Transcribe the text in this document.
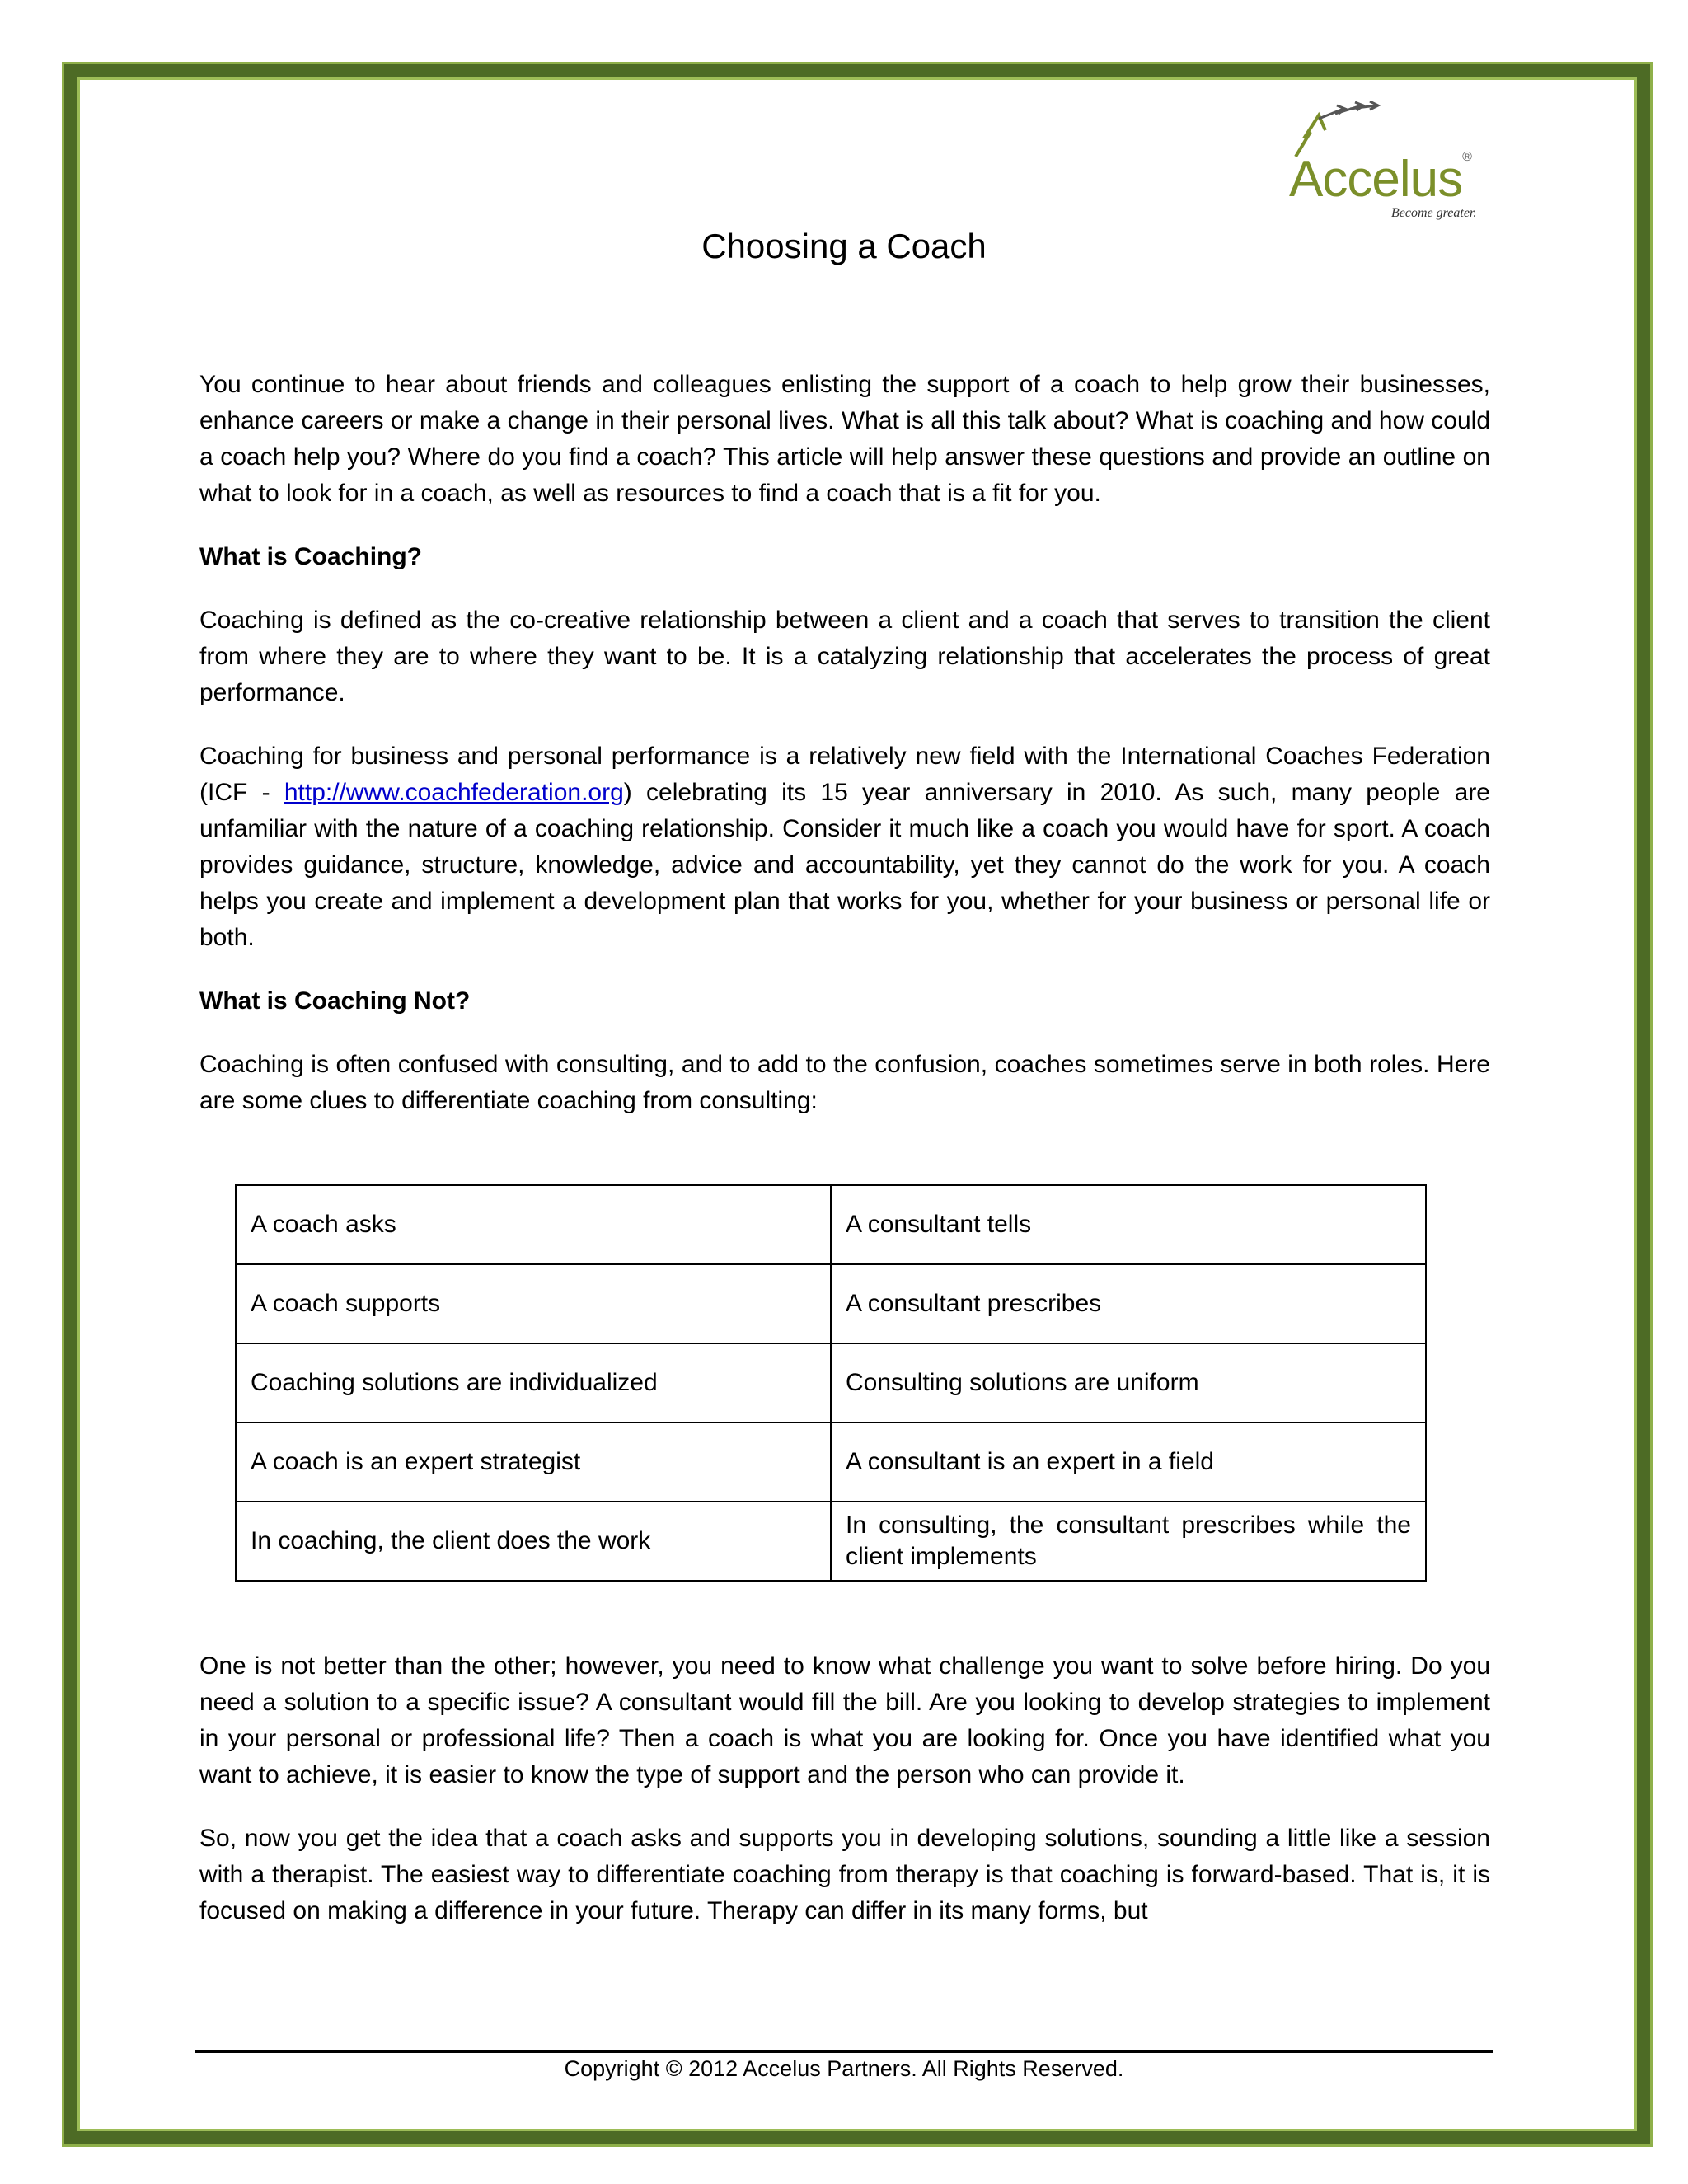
Accelus®
Become greater.
Choosing a Coach

You continue to hear about friends and colleagues enlisting the support of a coach to help grow their businesses, enhance careers or make a change in their personal lives. What is all this talk about? What is coaching and how could a coach help you? Where do you find a coach? This article will help answer these questions and provide an outline on what to look for in a coach, as well as resources to find a coach that is a fit for you.

What is Coaching?

Coaching is defined as the co-creative relationship between a client and a coach that serves to transition the client from where they are to where they want to be. It is a catalyzing relationship that accelerates the process of great performance.

Coaching for business and personal performance is a relatively new field with the International Coaches Federation (ICF - http://www.coachfederation.org) celebrating its 15 year anniversary in 2010. As such, many people are unfamiliar with the nature of a coaching relationship. Consider it much like a coach you would have for sport. A coach provides guidance, structure, knowledge, advice and accountability, yet they cannot do the work for you. A coach helps you create and implement a development plan that works for you, whether for your business or personal life or both.

What is Coaching Not?

Coaching is often confused with consulting, and to add to the confusion, coaches sometimes serve in both roles. Here are some clues to differentiate coaching from consulting:

A coach asks	A consultant tells
A coach supports	A consultant prescribes
Coaching solutions are individualized	Consulting solutions are uniform
A coach is an expert strategist	A consultant is an expert in a field
In coaching, the client does the work	In consulting, the consultant prescribes while the client implements

One is not better than the other; however, you need to know what challenge you want to solve before hiring. Do you need a solution to a specific issue? A consultant would fill the bill. Are you looking to develop strategies to implement in your personal or professional life? Then a coach is what you are looking for. Once you have identified what you want to achieve, it is easier to know the type of support and the person who can provide it.

So, now you get the idea that a coach asks and supports you in developing solutions, sounding a little like a session with a therapist. The easiest way to differentiate coaching from therapy is that coaching is forward-based. That is, it is focused on making a difference in your future. Therapy can differ in its many forms, but

Copyright © 2012 Accelus Partners. All Rights Reserved.
